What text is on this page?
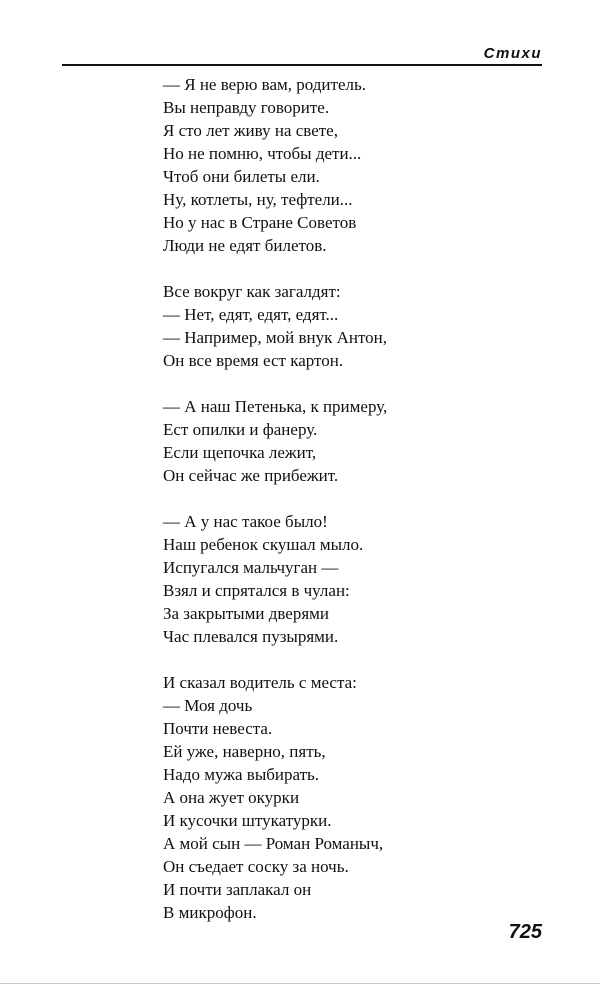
Стихи
— Я не верю вам, родитель.
Вы неправду говорите.
Я сто лет живу на свете,
Но не помню, чтобы дети...
Чтоб они билеты ели.
Ну, котлеты, ну, тефтели...
Но у нас в Стране Советов
Люди не едят билетов.
Все вокруг как загалдят:
— Нет, едят, едят, едят...
— Например, мой внук Антон,
Он все время ест картон.
— А наш Петенька, к примеру,
Ест опилки и фанеру.
Если щепочка лежит,
Он сейчас же прибежит.
— А у нас такое было!
Наш ребенок скушал мыло.
Испугался мальчуган —
Взял и спрятался в чулан:
За закрытыми дверями
Час плевался пузырями.
И сказал водитель с места:
— Моя дочь
Почти невеста.
Ей уже, наверно, пять,
Надо мужа выбирать.
А она жует окурки
И кусочки штукатурки.
А мой сын — Роман Романыч,
Он съедает соску за ночь.
И почти заплакал он
В микрофон.
725
